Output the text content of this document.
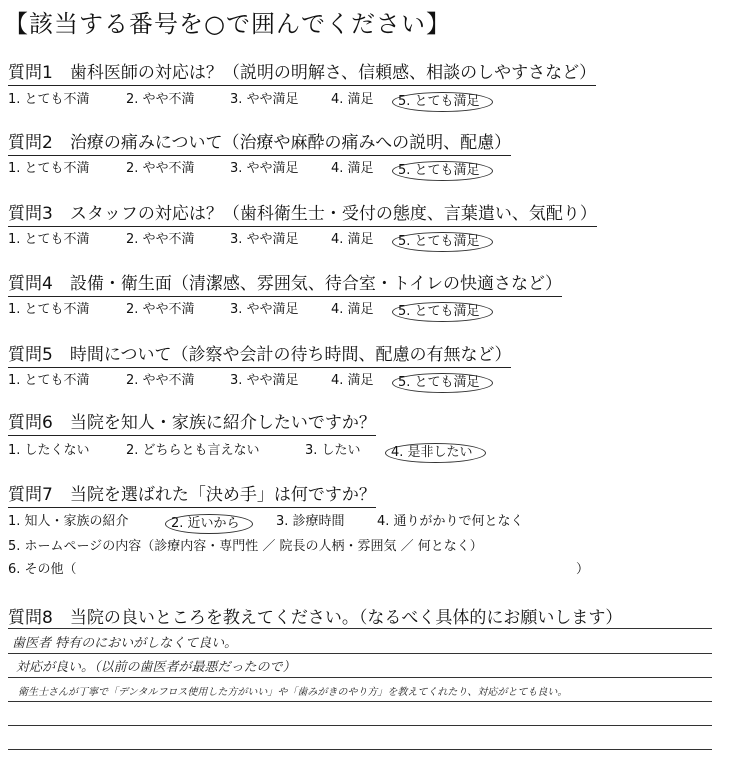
【該当する番号を○で囲んでください】
質問1　歯科医師の対応は？（説明の明解さ、信頼感、相談のしやすさなど）
1. とても不満	2. やや不満	3. やや満足 4. 満足	5. とても満足
質問2　治療の痛みについて（治療や麻酔の痛みへの説明、配慮）
1. とても不満	2. やや不満	3. やや満足 4. 満足	5. とても満足
質問3　スタッフの対応は？（歯科衛生士・受付の態度、言葉遣い、気配り）
1. とても不満	2. やや不満	3. やや満足 4. 満足	5. とても満足
質問4　設備・衛生面（清潔感、雰囲気、待合室・トイレの快適さなど）
1. とても不満	2. やや不満	3. やや満足 4. 満足	5. とても満足
質問5　時間について（診察や会計の待ち時間、配慮の有無など）
1. とても不満	2. やや不満	3. やや満足 4. 満足	5. とても満足
質問6　当院を知人・家族に紹介したいですか？
1. したくない	2. どちらとも言えない	3. したい	4. 是非したい
質問7　当院を選ばれた「決め手」は何ですか？
1. 知人・家族の紹介	2. 近いから	3. 診療時間 4. 通りがかりで何となく
5. ホームページの内容（診療内容・専門性 ／ 院長の人柄・雰囲気 ／ 何となく）
6. その他（	）
質問8　当院の良いところを教えてください。（なるべく具体的にお願いします）
歯医者 特有のにおいがしなくて良い。
対応が良い。（以前の歯医者が最悪だったので）
衛生士さんが丁寧で「デンタルフロス使用した方がいい」や「歯みがきのやり方」を教えてくれたり、対応がとても良い。
